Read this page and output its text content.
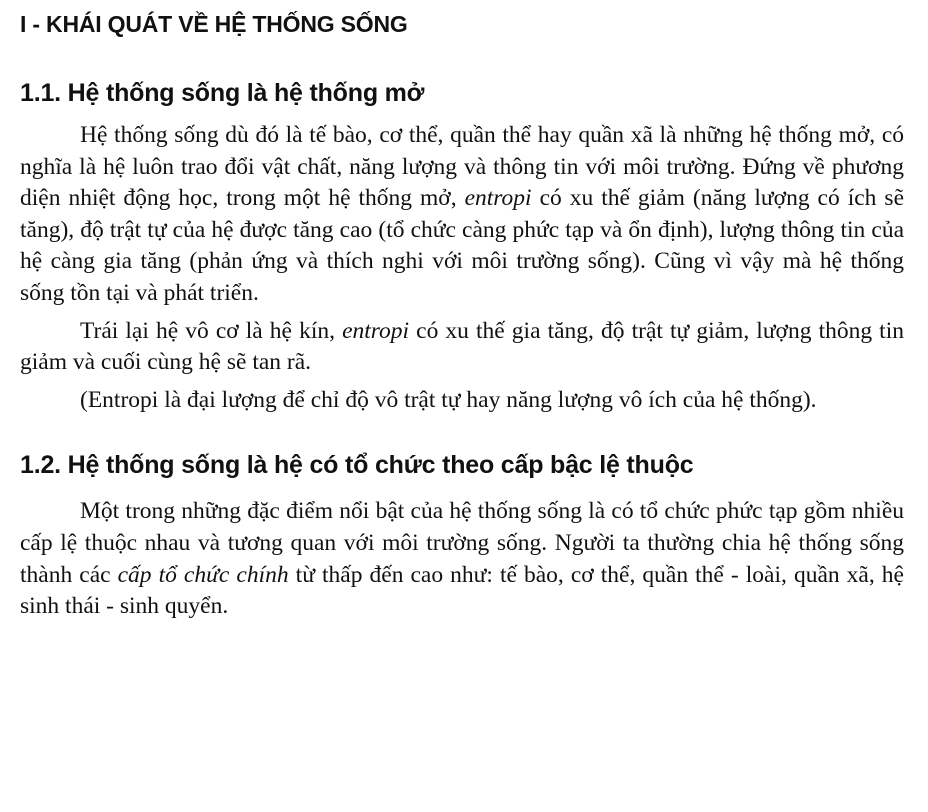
I - KHÁI QUÁT VỀ HỆ THỐNG SỐNG
1.1. Hệ thống sống là hệ thống mở

Hệ thống sống dù đó là tế bào, cơ thể, quần thể hay quần xã là những hệ thống mở, có nghĩa là hệ luôn trao đổi vật chất, năng lượng và thông tin với môi trường. Đứng về phương diện nhiệt động học, trong một hệ thống mở, entropi có xu thế giảm (năng lượng có ích sẽ tăng), độ trật tự của hệ được tăng cao (tổ chức càng phức tạp và ổn định), lượng thông tin của hệ càng gia tăng (phản ứng và thích nghi với môi trường sống). Cũng vì vậy mà hệ thống sống tồn tại và phát triển.

Trái lại hệ vô cơ là hệ kín, entropi có xu thế gia tăng, độ trật tự giảm, lượng thông tin giảm và cuối cùng hệ sẽ tan rã.

(Entropi là đại lượng để chỉ độ vô trật tự hay năng lượng vô ích của hệ thống).

1.2. Hệ thống sống là hệ có tổ chức theo cấp bậc lệ thuộc

Một trong những đặc điểm nổi bật của hệ thống sống là có tổ chức phức tạp gồm nhiều cấp lệ thuộc nhau và tương quan với môi trường sống. Người ta thường chia hệ thống sống thành các cấp tổ chức chính từ thấp đến cao như: tế bào, cơ thể, quần thể - loài, quần xã, hệ sinh thái - sinh quyển.
